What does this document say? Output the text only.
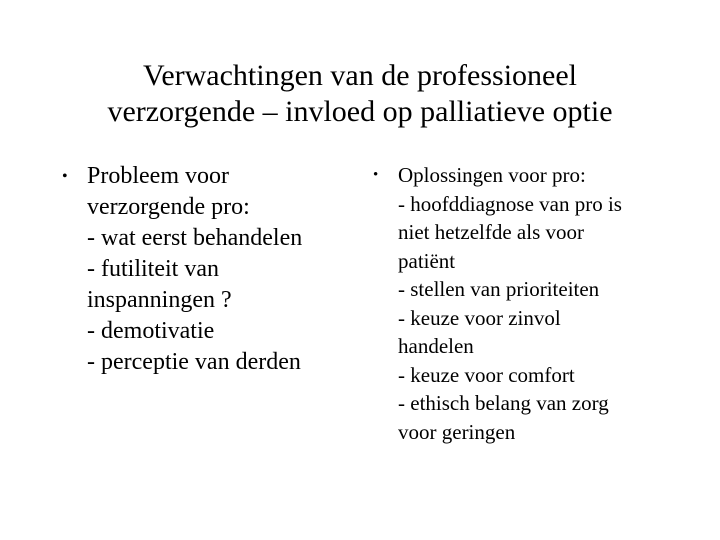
Verwachtingen van de professioneel
verzorgende – invloed op palliatieve optie
• Probleem voor
verzorgende pro:
- wat eerst behandelen
- futiliteit van
inspanningen ?
- demotivatie
- perceptie van derden
• Oplossingen voor pro:
- hoofddiagnose van pro is
niet hetzelfde als voor
patiënt
- stellen van prioriteiten
- keuze voor zinvol
handelen
- keuze voor comfort
- ethisch belang van zorg
voor geringen
